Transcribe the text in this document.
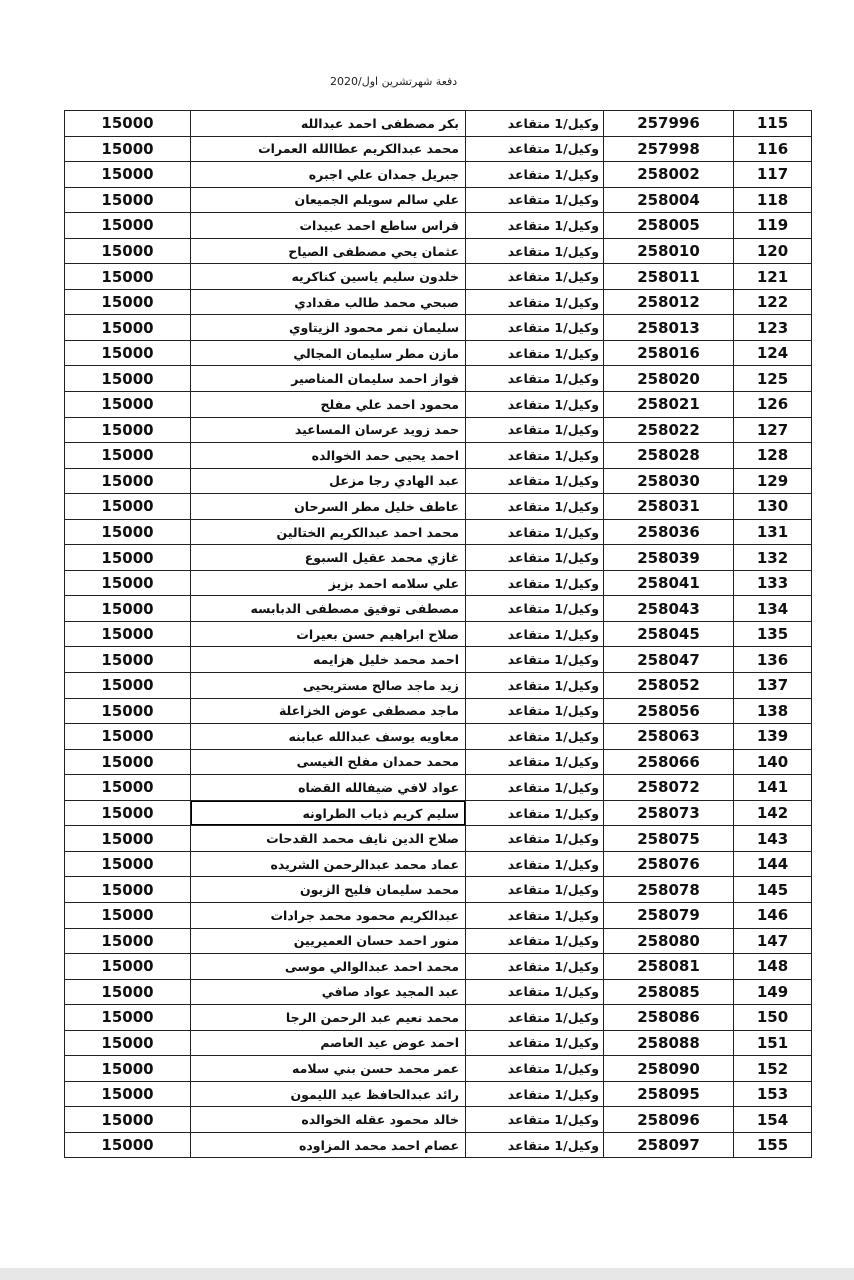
دفعة شهرتشرين اول/2020
15000	بكر مصطفى احمد عبدالله	وكيل/1 متقاعد	257996	115
15000	محمد عبدالكريم عطاالله العمرات	وكيل/1 متقاعد	257998	116
15000	جبريل جمدان علي اجبره	وكيل/1 متقاعد	258002	117
15000	علي سالم سويلم الجميعان	وكيل/1 متقاعد	258004	118
15000	فراس ساطع احمد عبيدات	وكيل/1 متقاعد	258005	119
15000	عثمان يحي مصطفى الصياح	وكيل/1 متقاعد	258010	120
15000	خلدون سليم ياسين كناكريه	وكيل/1 متقاعد	258011	121
15000	صبحي محمد طالب مقدادي	وكيل/1 متقاعد	258012	122
15000	سليمان نمر محمود الزيتاوي	وكيل/1 متقاعد	258013	123
15000	مازن مطر سليمان المجالي	وكيل/1 متقاعد	258016	124
15000	فواز احمد سليمان المناصير	وكيل/1 متقاعد	258020	125
15000	محمود احمد علي مفلح	وكيل/1 متقاعد	258021	126
15000	حمد زويد عرسان المساعيد	وكيل/1 متقاعد	258022	127
15000	احمد يحيى حمد الخوالده	وكيل/1 متقاعد	258028	128
15000	عبد الهادي رجا مزعل	وكيل/1 متقاعد	258030	129
15000	عاطف خليل مطر السرحان	وكيل/1 متقاعد	258031	130
15000	محمد احمد عبدالكريم الختالين	وكيل/1 متقاعد	258036	131
15000	غازي محمد عقيل السبوع	وكيل/1 متقاعد	258039	132
15000	علي سلامه احمد بزيز	وكيل/1 متقاعد	258041	133
15000	مصطفى توفيق مصطفى الدبابسه	وكيل/1 متقاعد	258043	134
15000	صلاح ابراهيم حسن بعيرات	وكيل/1 متقاعد	258045	135
15000	احمد محمد خليل هزايمه	وكيل/1 متقاعد	258047	136
15000	زيد ماجد صالح مستريحيى	وكيل/1 متقاعد	258052	137
15000	ماجد مصطفى عوض الخزاعلة	وكيل/1 متقاعد	258056	138
15000	معاويه يوسف عبدالله عبابنه	وكيل/1 متقاعد	258063	139
15000	محمد حمدان مفلح الغيسى	وكيل/1 متقاعد	258066	140
15000	عواد لافي ضيفالله القضاه	وكيل/1 متقاعد	258072	141
15000	سليم كريم ذياب الطراونه	وكيل/1 متقاعد	258073	142
15000	صلاح الدين نايف محمد القدحات	وكيل/1 متقاعد	258075	143
15000	عماد محمد عبدالرحمن الشريده	وكيل/1 متقاعد	258076	144
15000	محمد سليمان فليح الزبون	وكيل/1 متقاعد	258078	145
15000	عبدالكريم محمود محمد جرادات	وكيل/1 متقاعد	258079	146
15000	منور احمد حسان العميريين	وكيل/1 متقاعد	258080	147
15000	محمد احمد عبدالوالي موسى	وكيل/1 متقاعد	258081	148
15000	عبد المجيد عواد صافي	وكيل/1 متقاعد	258085	149
15000	محمد نعيم عبد الرحمن الرجا	وكيل/1 متقاعد	258086	150
15000	احمد عوض عيد العاصم	وكيل/1 متقاعد	258088	151
15000	عمر محمد حسن بني سلامه	وكيل/1 متقاعد	258090	152
15000	رائد عبدالحافظ عيد الليمون	وكيل/1 متقاعد	258095	153
15000	خالد محمود عقله الخوالده	وكيل/1 متقاعد	258096	154
15000	عصام احمد محمد المزاوده	وكيل/1 متقاعد	258097	155
